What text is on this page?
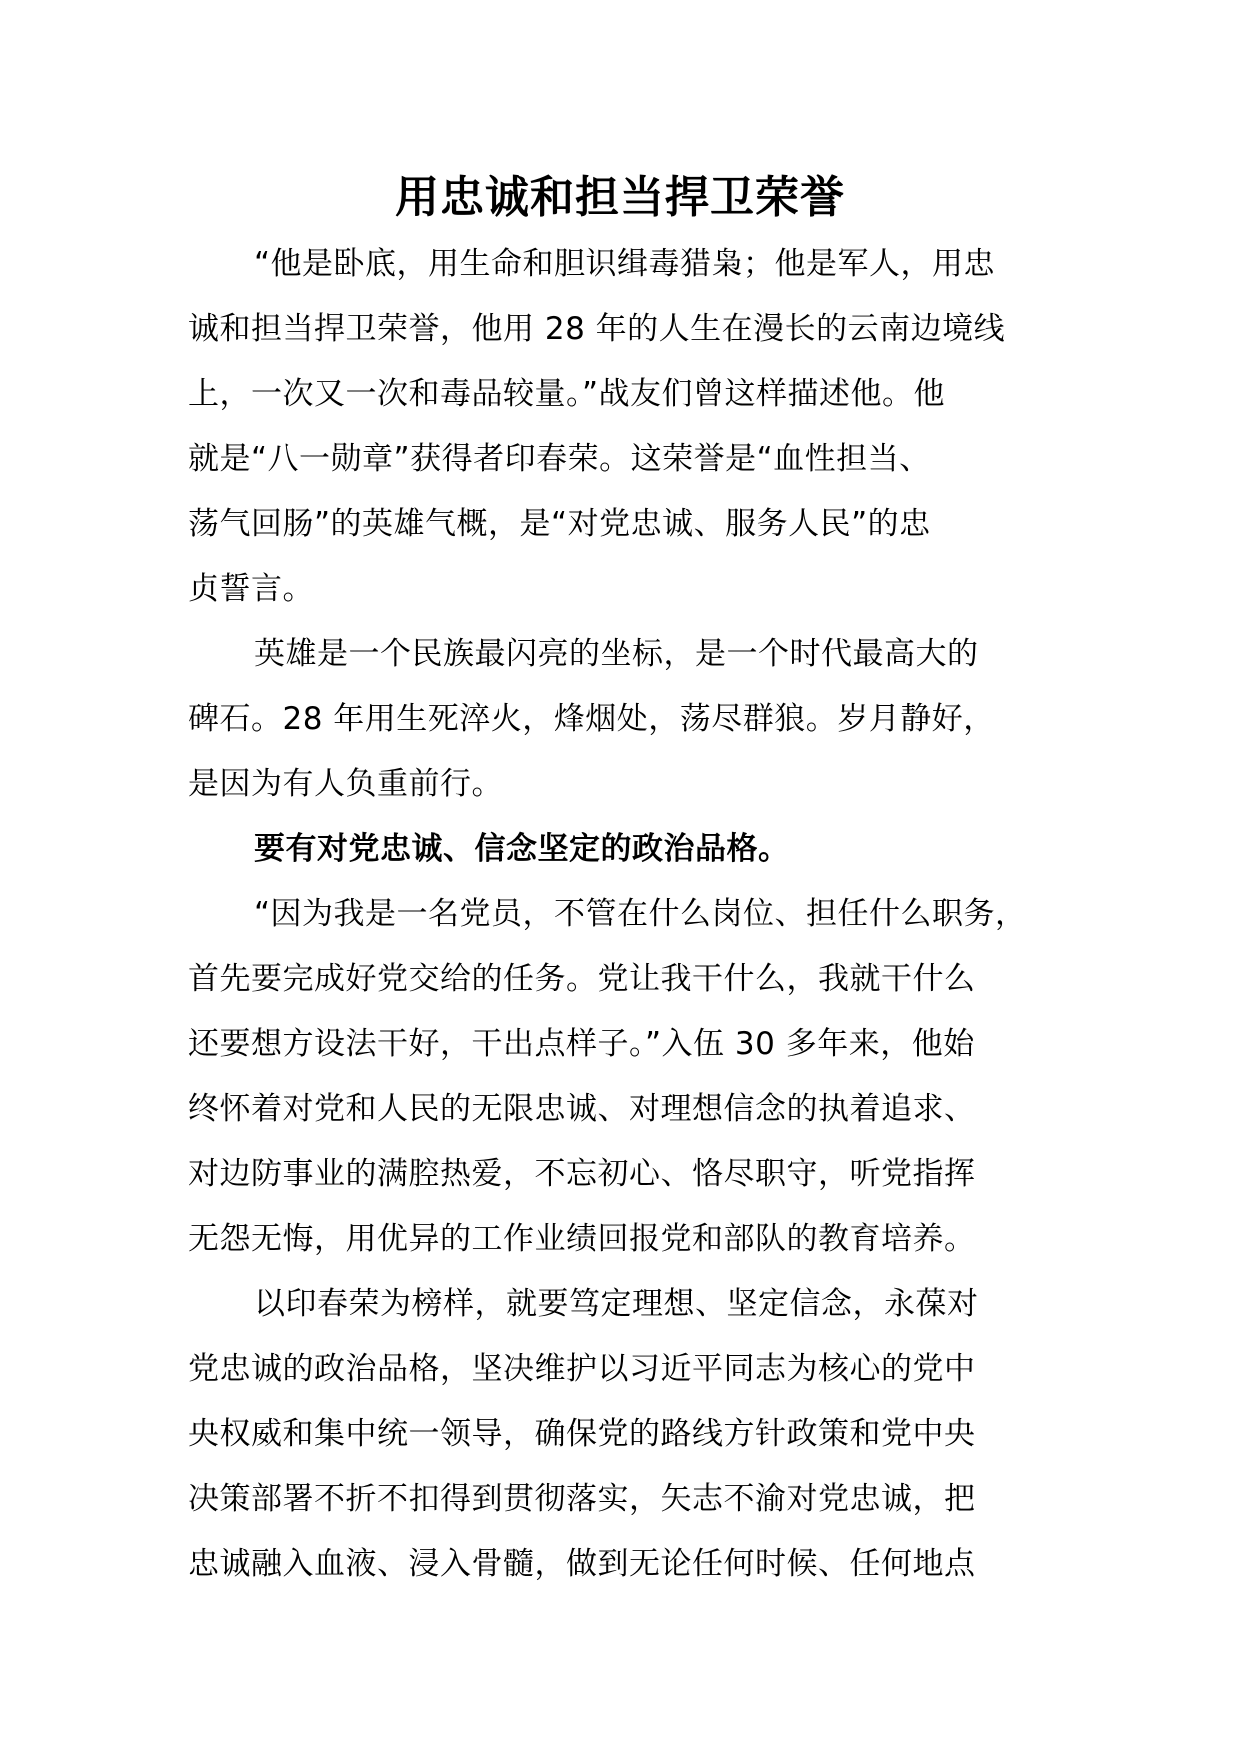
用忠诚和担当捍卫荣誉
“他是卧底，用生命和胆识缉毒猎枭；他是军人，用忠
诚和担当捍卫荣誉，他用 28 年的人生在漫长的云南边境线
上，一次又一次和毒品较量。”战友们曾这样描述他。他
就是“八一勋章”获得者印春荣。这荣誉是“血性担当、
荡气回肠”的英雄气概，是“对党忠诚、服务人民”的忠
贞誓言。
英雄是一个民族最闪亮的坐标，是一个时代最高大的
碑石。28 年用生死淬火，烽烟处，荡尽群狼。岁月静好，
是因为有人负重前行。
要有对党忠诚、信念坚定的政治品格。
“因为我是一名党员，不管在什么岗位、担任什么职务，
首先要完成好党交给的任务。党让我干什么，我就干什么
还要想方设法干好，干出点样子。”入伍 30 多年来，他始
终怀着对党和人民的无限忠诚、对理想信念的执着追求、
对边防事业的满腔热爱，不忘初心、恪尽职守，听党指挥
无怨无悔，用优异的工作业绩回报党和部队的教育培养。
以印春荣为榜样，就要笃定理想、坚定信念，永葆对
党忠诚的政治品格，坚决维护以习近平同志为核心的党中
央权威和集中统一领导，确保党的路线方针政策和党中央
决策部署不折不扣得到贯彻落实，矢志不渝对党忠诚，把
忠诚融入血液、浸入骨髓，做到无论任何时候、任何地点
